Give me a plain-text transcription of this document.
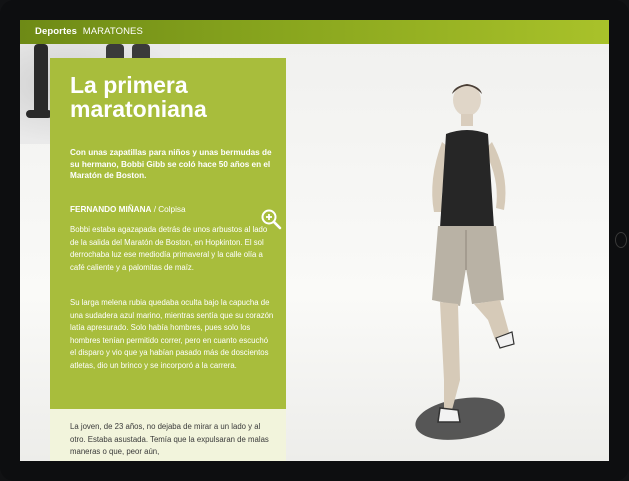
Deportes MARATONES
La primera maratoniana
Con unas zapatillas para niños y unas bermudas de su hermano, Bobbi Gibb se coló hace 50 años en el Maratón de Boston.
FERNANDO MIÑANA / Colpisa
Bobbi estaba agazapada detrás de unos arbustos al lado de la salida del Maratón de Boston, en Hopkinton. El sol derrochaba luz ese mediodía primaveral y la calle olía a café caliente y a palomitas de maíz.
Su larga melena rubia quedaba oculta bajo la capucha de una sudadera azul marino, mientras sentía que su corazón latía apresurado. Solo había hombres, pues solo los hombres tenían permitido correr, pero en cuanto escuchó el disparo y vio que ya habían pasado más de doscientos atletas, dio un brinco y se incorporó a la carrera.
La joven, de 23 años, no dejaba de mirar a un lado y al otro. Estaba asustada. Temía que la expulsaran de malas maneras o que, peor aún,
